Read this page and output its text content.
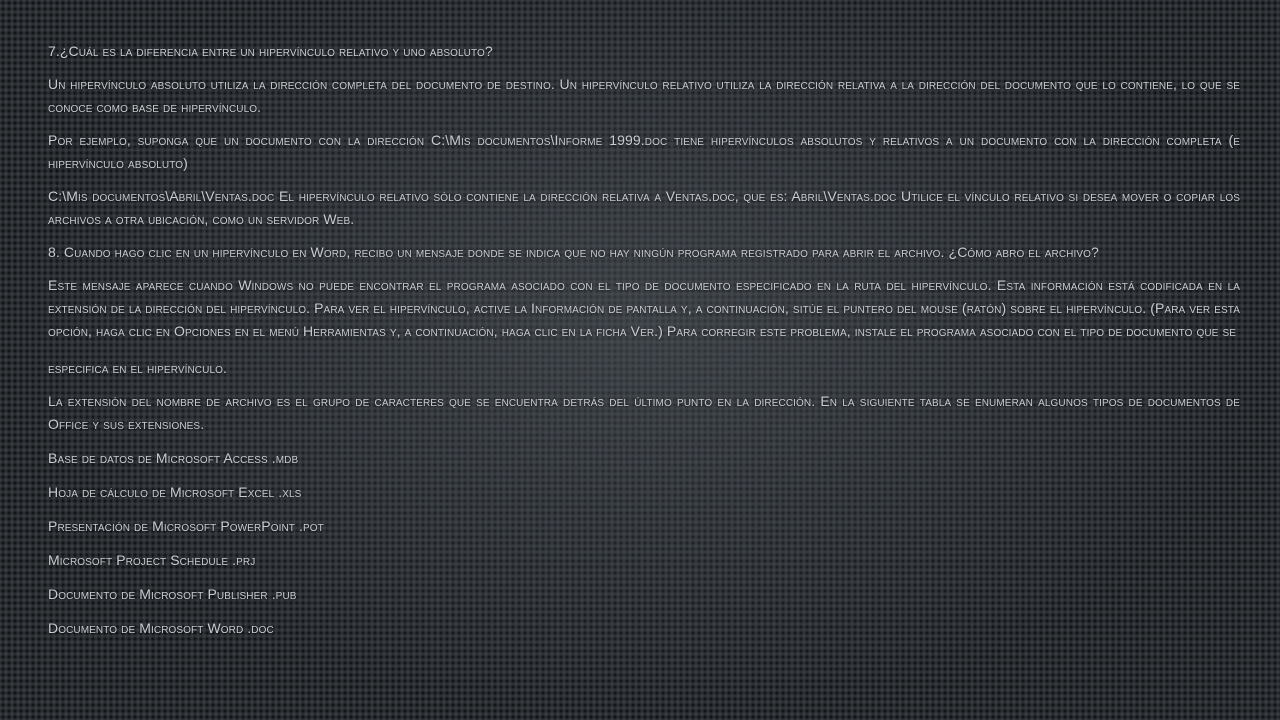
7.¿Cuál es la diferencia entre un hipervínculo relativo y uno absoluto?

Un hipervínculo absoluto utiliza la dirección completa del documento de destino. Un hipervínculo relativo utiliza la dirección relativa a la dirección del documento que lo contiene, lo que se conoce como base de hipervínculo.

Por ejemplo, suponga que un documento con la dirección C:\Mis documentos\Informe 1999.doc tiene hipervínculos absolutos y relativos a un documento con la dirección completa (e hipervínculo absoluto)

C:\Mis documentos\Abril\Ventas.doc El hipervínculo relativo sólo contiene la dirección relativa a Ventas.doc, que es: Abril\Ventas.doc Utilice el vínculo relativo si desea mover o copiar los archivos a otra ubicación, como un servidor Web.

8. Cuando hago clic en un hipervínculo en Word, recibo un mensaje donde se indica que no hay ningún programa registrado para abrir el archivo. ¿Cómo abro el archivo?

Este mensaje aparece cuando Windows no puede encontrar el programa asociado con el tipo de documento especificado en la ruta del hipervínculo. Esta información está codificada en la extensión de la dirección del hipervínculo. Para ver el hipervínculo, active la Información de pantalla y, a continuación, sitúe el puntero del mouse (ratón) sobre el hipervínculo. (Para ver esta opción, haga clic en Opciones en el menú Herramientas y, a continuación, haga clic en la ficha Ver.) Para corregir este problema, instale el programa asociado con el tipo de documento que se

especifica en el hipervínculo.

La extensión del nombre de archivo es el grupo de caracteres que se encuentra detrás del último punto en la dirección. En la siguiente tabla se enumeran algunos tipos de documentos de Office y sus extensiones.

Base de datos de Microsoft Access .mdb

Hoja de cálculo de Microsoft Excel .xls

Presentación de Microsoft PowerPoint .pot

Microsoft Project Schedule .prj

Documento de Microsoft Publisher .pub

Documento de Microsoft Word .doc
